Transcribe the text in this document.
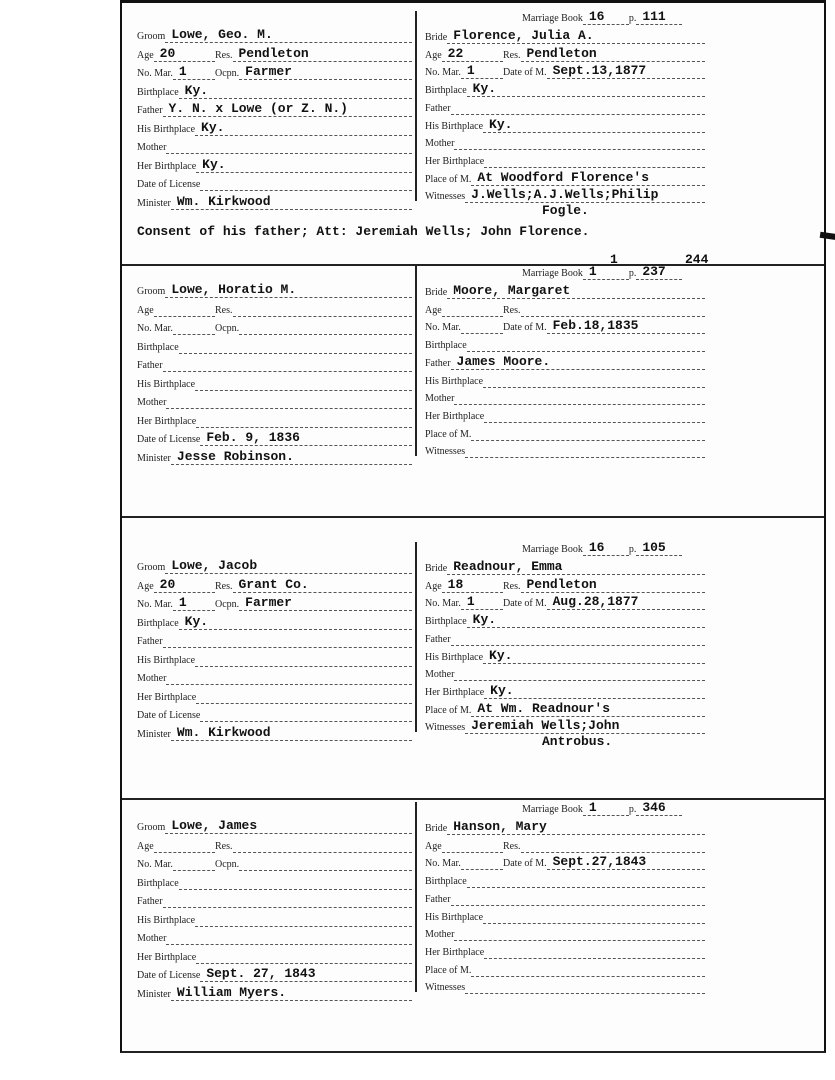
Groom Lowe, Geo. M.
Age 20	Res. Pendleton
No. Mar. 1	Ocpn. Farmer
Birthplace Ky.
Father Y. N. x Lowe (or Z. N.)
His Birthplace Ky.
Mother
Her Birthplace Ky.
Date of License
Minister Wm. Kirkwood
Marriage Book 16	p. 111
Bride Florence, Julia A.
Age 22	Res. Pendleton
No. Mar. 1	Date of M. Sept.13,1877
Birthplace Ky.
Father
His Birthplace Ky.
Mother
Her Birthplace
Place of M. At Woodford Florence's
Witnesses J.Wells;A.J.Wells;Philip
Fogle.
Consent of his father; Att: Jeremiah Wells; John Florence.
Groom Lowe, Horatio M.
Age	Res.
No. Mar.	Ocpn.
Birthplace
Father
His Birthplace
Mother
Her Birthplace
Date of License Feb. 9, 1836
Minister Jesse Robinson.
Marriage Book 1	p. 237
1	244
Bride Moore, Margaret
Age	Res.
No. Mar.	Date of M. Feb.18,1835
Birthplace
Father James Moore.
His Birthplace
Mother
Her Birthplace
Place of M.
Witnesses
Groom Lowe, Jacob
Age 20	Res. Grant Co.
No. Mar. 1	Ocpn. Farmer
Birthplace Ky.
Father
His Birthplace
Mother
Her Birthplace
Date of License
Minister Wm. Kirkwood
Marriage Book 16	p. 105
Bride Readnour, Emma
Age 18	Res. Pendleton
No. Mar. 1	Date of M. Aug.28,1877
Birthplace Ky.
Father
His Birthplace Ky.
Mother
Her Birthplace Ky.
Place of M. At Wm. Readnour's
Witnesses Jeremiah Wells;John
Antrobus.
Groom Lowe, James
Age	Res.
No. Mar.	Ocpn.
Birthplace
Father
His Birthplace
Mother
Her Birthplace
Date of License Sept. 27, 1843
Minister William Myers.
Marriage Book 1	p. 346
Bride Hanson, Mary
Age	Res.
No. Mar.	Date of M. Sept.27,1843
Birthplace
Father
His Birthplace
Mother
Her Birthplace
Place of M.
Witnesses
